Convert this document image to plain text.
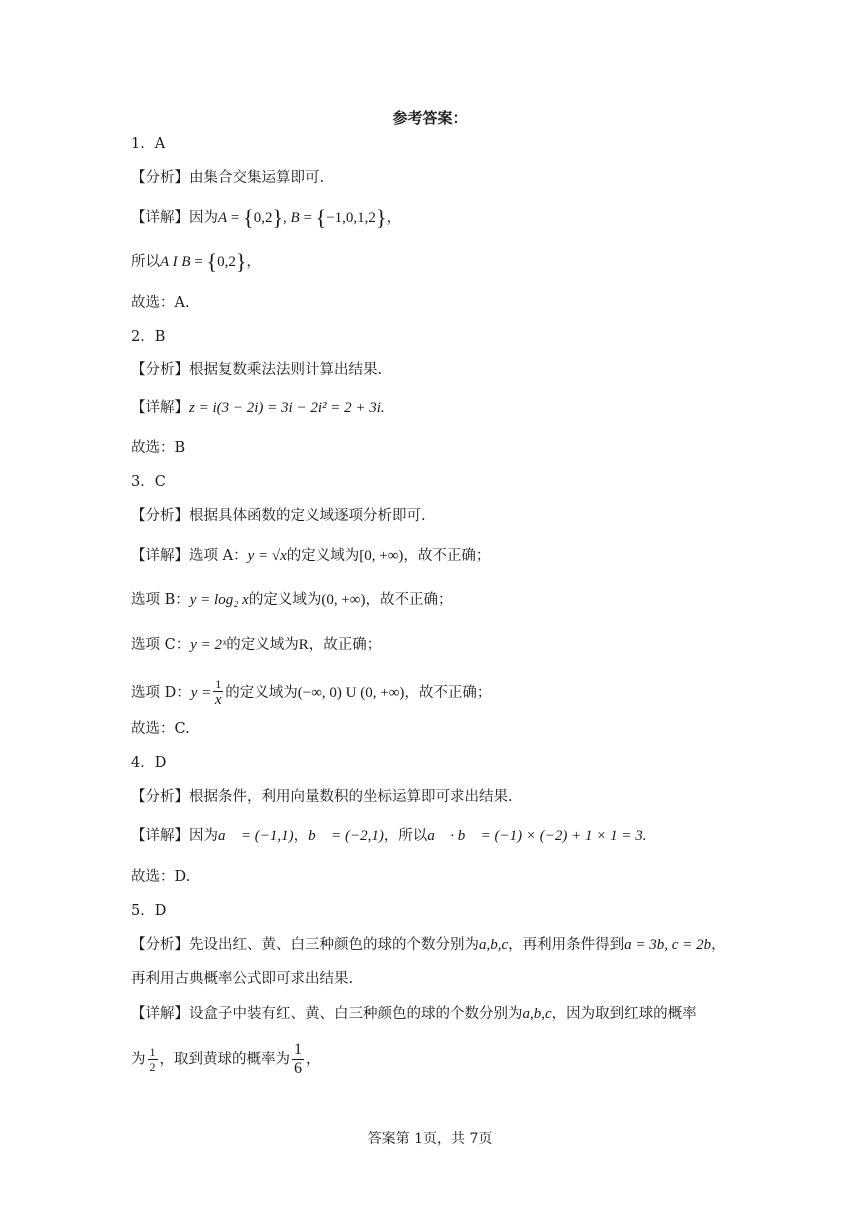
参考答案：
1．A
【分析】由集合交集运算即可.
【详解】因为A = {0,2}, B = {−1,0,1,2}，
所以A I B = {0,2}，
故选：A.
2．B
【分析】根据复数乘法法则计算出结果.
【详解】z = i(3 − 2i) = 3i − 2i² = 2 + 3i.
故选：B
3．C
【分析】根据具体函数的定义域逐项分析即可.
【详解】选项 A：y = √x的定义域为[0, +∞)，故不正确；
选项 B：y = log₂ x的定义域为(0, +∞)，故不正确；
选项 C：y = 2ˣ的定义域为R，故正确；
选项 D：$y = \frac{1}{x}$ 的定义域为(−∞, 0) U (0, +∞)，故不正确；
故选：C.
4．D
【分析】根据条件，利用向量数积的坐标运算即可求出结果.
【详解】因为a⃗ = (−1,1)，b⃗ = (−2,1)，所以a⃗ · b⃗ = (−1) × (−2) + 1 × 1 = 3.
故选：D.
5．D
【分析】先设出红、黄、白三种颜色的球的个数分别为a,b,c，再利用条件得到a = 3b, c = 2b，
再利用古典概率公式即可求出结果.
【详解】设盒子中装有红、黄、白三种颜色的球的个数分别为a,b,c，因为取到红球的概率
为 $\frac{1}{2}$ ，取到黄球的概率为 $\frac{1}{6}$ ，
答案第 1页，共 7页
